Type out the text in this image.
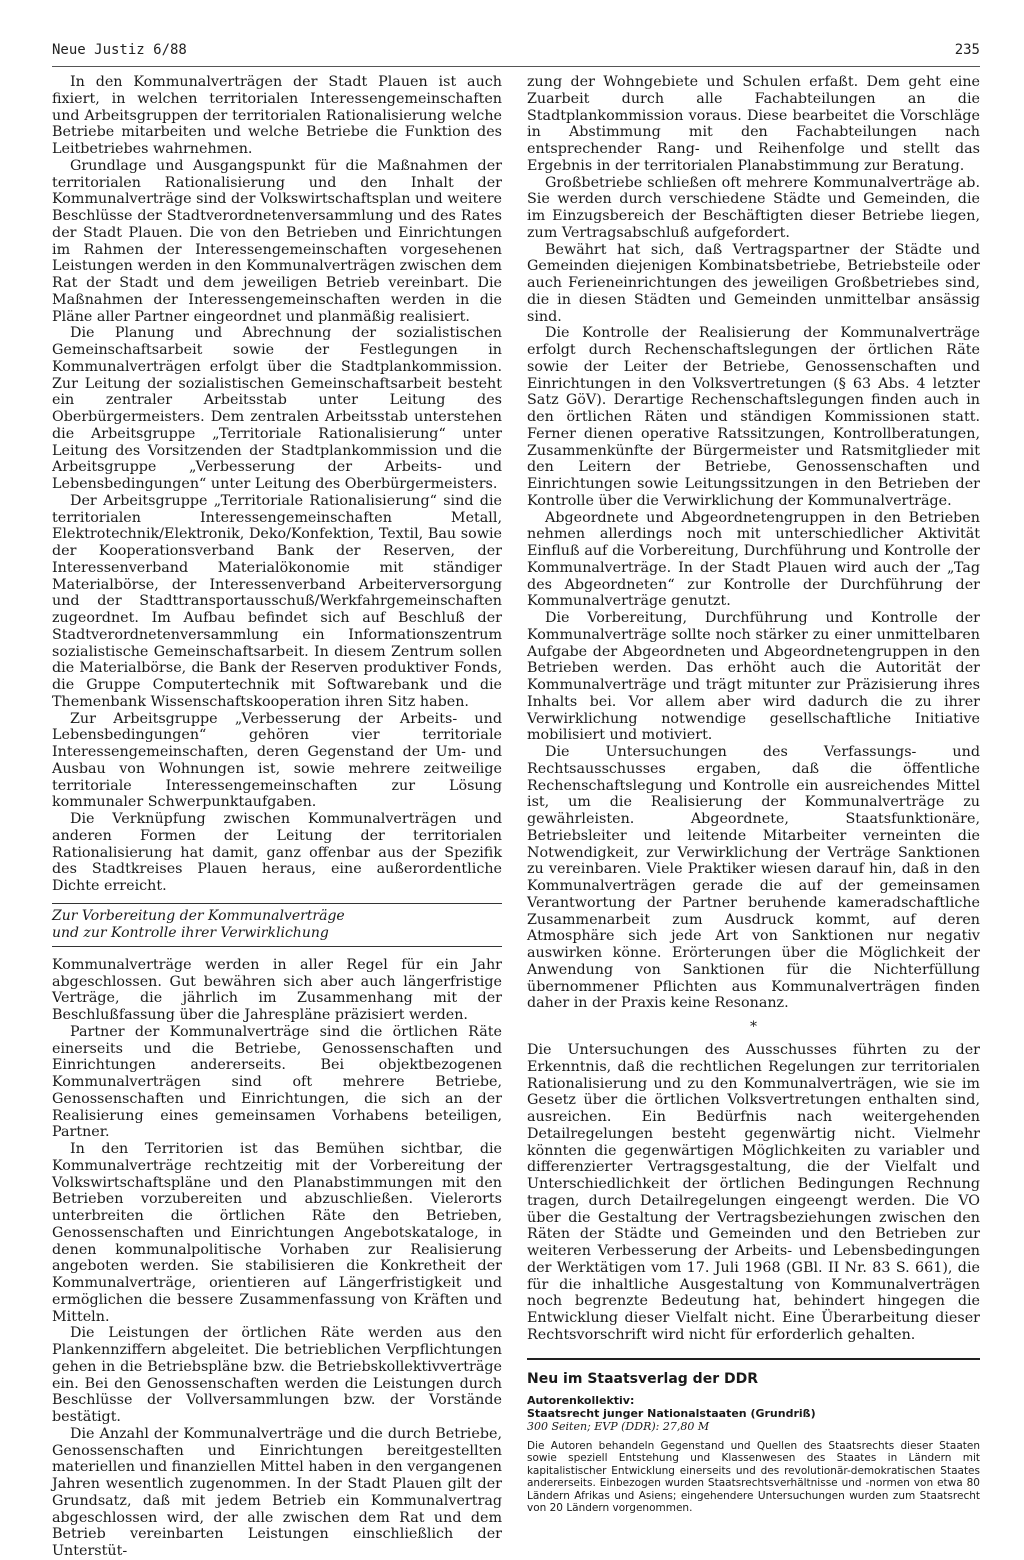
Neue Justiz 6/88	235

In den Kommunalverträgen der Stadt Plauen ist auch fixiert, in welchen territorialen Interessengemeinschaften und Arbeitsgruppen der territorialen Rationalisierung welche Betriebe mitarbeiten und welche Betriebe die Funktion des Leitbetriebes wahrnehmen.

Grundlage und Ausgangspunkt für die Maßnahmen der territorialen Rationalisierung und den Inhalt der Kommunalverträge sind der Volkswirtschaftsplan und weitere Beschlüsse der Stadtverordnetenversammlung und des Rates der Stadt Plauen. Die von den Betrieben und Einrichtungen im Rahmen der Interessengemeinschaften vorgesehenen Leistungen werden in den Kommunalverträgen zwischen dem Rat der Stadt und dem jeweiligen Betrieb vereinbart. Die Maßnahmen der Interessengemeinschaften werden in die Pläne aller Partner eingeordnet und planmäßig realisiert.

Die Planung und Abrechnung der sozialistischen Gemeinschaftsarbeit sowie der Festlegungen in Kommunalverträgen erfolgt über die Stadtplankommission. Zur Leitung der sozialistischen Gemeinschaftsarbeit besteht ein zentraler Arbeitsstab unter Leitung des Oberbürgermeisters. Dem zentralen Arbeitsstab unterstehen die Arbeitsgruppe „Territoriale Rationalisierung“ unter Leitung des Vorsitzenden der Stadtplankommission und die Arbeitsgruppe „Verbesserung der Arbeits- und Lebensbedingungen“ unter Leitung des Oberbürgermeisters.

Der Arbeitsgruppe „Territoriale Rationalisierung“ sind die territorialen Interessengemeinschaften Metall, Elektrotechnik/Elektronik, Deko/Konfektion, Textil, Bau sowie der Kooperationsverband Bank der Reserven, der Interessenverband Materialökonomie mit ständiger Materialbörse, der Interessenverband Arbeiterversorgung und der Stadttransportausschuß/Werkfahrgemeinschaften zugeordnet. Im Aufbau befindet sich auf Beschluß der Stadtverordnetenversammlung ein Informationszentrum sozialistische Gemeinschaftsarbeit. In diesem Zentrum sollen die Materialbörse, die Bank der Reserven produktiver Fonds, die Gruppe Computertechnik mit Softwarebank und die Themenbank Wissenschaftskooperation ihren Sitz haben.

Zur Arbeitsgruppe „Verbesserung der Arbeits- und Lebensbedingungen“ gehören vier territoriale Interessengemeinschaften, deren Gegenstand der Um- und Ausbau von Wohnungen ist, sowie mehrere zeitweilige territoriale Interessengemeinschaften zur Lösung kommunaler Schwerpunktaufgaben.

Die Verknüpfung zwischen Kommunalverträgen und anderen Formen der Leitung der territorialen Rationalisierung hat damit, ganz offenbar aus der Spezifik des Stadtkreises Plauen heraus, eine außerordentliche Dichte erreicht.

Zur Vorbereitung der Kommunalverträge
und zur Kontrolle ihrer Verwirklichung

Kommunalverträge werden in aller Regel für ein Jahr abgeschlossen. Gut bewähren sich aber auch längerfristige Verträge, die jährlich im Zusammenhang mit der Beschlußfassung über die Jahrespläne präzisiert werden.

Partner der Kommunalverträge sind die örtlichen Räte einerseits und die Betriebe, Genossenschaften und Einrichtungen andererseits. Bei objektbezogenen Kommunalverträgen sind oft mehrere Betriebe, Genossenschaften und Einrichtungen, die sich an der Realisierung eines gemeinsamen Vorhabens beteiligen, Partner.

In den Territorien ist das Bemühen sichtbar, die Kommunalverträge rechtzeitig mit der Vorbereitung der Volkswirtschaftspläne und den Planabstimmungen mit den Betrieben vorzubereiten und abzuschließen. Vielerorts unterbreiten die örtlichen Räte den Betrieben, Genossenschaften und Einrichtungen Angebotskataloge, in denen kommunalpolitische Vorhaben zur Realisierung angeboten werden. Sie stabilisieren die Konkretheit der Kommunalverträge, orientieren auf Längerfristigkeit und ermöglichen die bessere Zusammenfassung von Kräften und Mitteln.

Die Leistungen der örtlichen Räte werden aus den Plankennziffern abgeleitet. Die betrieblichen Verpflichtungen gehen in die Betriebspläne bzw. die Betriebskollektivverträge ein. Bei den Genossenschaften werden die Leistungen durch Beschlüsse der Vollversammlungen bzw. der Vorstände bestätigt.

Die Anzahl der Kommunalverträge und die durch Betriebe, Genossenschaften und Einrichtungen bereitgestellten materiellen und finanziellen Mittel haben in den vergangenen Jahren wesentlich zugenommen. In der Stadt Plauen gilt der Grundsatz, daß mit jedem Betrieb ein Kommunalvertrag abgeschlossen wird, der alle zwischen dem Rat und dem Betrieb vereinbarten Leistungen einschließlich der Unterstüt-

zung der Wohngebiete und Schulen erfaßt. Dem geht eine Zuarbeit durch alle Fachabteilungen an die Stadtplankommission voraus. Diese bearbeitet die Vorschläge in Abstimmung mit den Fachabteilungen nach entsprechender Rang- und Reihenfolge und stellt das Ergebnis in der territorialen Planabstimmung zur Beratung.

Großbetriebe schließen oft mehrere Kommunalverträge ab. Sie werden durch verschiedene Städte und Gemeinden, die im Einzugsbereich der Beschäftigten dieser Betriebe liegen, zum Vertragsabschluß aufgefordert.

Bewährt hat sich, daß Vertragspartner der Städte und Gemeinden diejenigen Kombinatsbetriebe, Betriebsteile oder auch Ferieneinrichtungen des jeweiligen Großbetriebes sind, die in diesen Städten und Gemeinden unmittelbar ansässig sind.

Die Kontrolle der Realisierung der Kommunalverträge erfolgt durch Rechenschaftslegungen der örtlichen Räte sowie der Leiter der Betriebe, Genossenschaften und Einrichtungen in den Volksvertretungen (§ 63 Abs. 4 letzter Satz GöV). Derartige Rechenschaftslegungen finden auch in den örtlichen Räten und ständigen Kommissionen statt. Ferner dienen operative Ratssitzungen, Kontrollberatungen, Zusammenkünfte der Bürgermeister und Ratsmitglieder mit den Leitern der Betriebe, Genossenschaften und Einrichtungen sowie Leitungssitzungen in den Betrieben der Kontrolle über die Verwirklichung der Kommunalverträge.

Abgeordnete und Abgeordnetengruppen in den Betrieben nehmen allerdings noch mit unterschiedlicher Aktivität Einfluß auf die Vorbereitung, Durchführung und Kontrolle der Kommunalverträge. In der Stadt Plauen wird auch der „Tag des Abgeordneten“ zur Kontrolle der Durchführung der Kommunalverträge genutzt.

Die Vorbereitung, Durchführung und Kontrolle der Kommunalverträge sollte noch stärker zu einer unmittelbaren Aufgabe der Abgeordneten und Abgeordnetengruppen in den Betrieben werden. Das erhöht auch die Autorität der Kommunalverträge und trägt mitunter zur Präzisierung ihres Inhalts bei. Vor allem aber wird dadurch die zu ihrer Verwirklichung notwendige gesellschaftliche Initiative mobilisiert und motiviert.

Die Untersuchungen des Verfassungs- und Rechtsausschusses ergaben, daß die öffentliche Rechenschaftslegung und Kontrolle ein ausreichendes Mittel ist, um die Realisierung der Kommunalverträge zu gewährleisten. Abgeordnete, Staatsfunktionäre, Betriebsleiter und leitende Mitarbeiter verneinten die Notwendigkeit, zur Verwirklichung der Verträge Sanktionen zu vereinbaren. Viele Praktiker wiesen darauf hin, daß in den Kommunalverträgen gerade die auf der gemeinsamen Verantwortung der Partner beruhende kameradschaftliche Zusammenarbeit zum Ausdruck kommt, auf deren Atmosphäre sich jede Art von Sanktionen nur negativ auswirken könne. Erörterungen über die Möglichkeit der Anwendung von Sanktionen für die Nichterfüllung übernommener Pflichten aus Kommunalverträgen finden daher in der Praxis keine Resonanz.

*

Die Untersuchungen des Ausschusses führten zu der Erkenntnis, daß die rechtlichen Regelungen zur territorialen Rationalisierung und zu den Kommunalverträgen, wie sie im Gesetz über die örtlichen Volksvertretungen enthalten sind, ausreichen. Ein Bedürfnis nach weitergehenden Detailregelungen besteht gegenwärtig nicht. Vielmehr könnten die gegenwärtigen Möglichkeiten zu variabler und differenzierter Vertragsgestaltung, die der Vielfalt und Unterschiedlichkeit der örtlichen Bedingungen Rechnung tragen, durch Detailregelungen eingeengt werden. Die VO über die Gestaltung der Vertragsbeziehungen zwischen den Räten der Städte und Gemeinden und den Betrieben zur weiteren Verbesserung der Arbeits- und Lebensbedingungen der Werktätigen vom 17. Juli 1968 (GBl. II Nr. 83 S. 661), die für die inhaltliche Ausgestaltung von Kommunalverträgen noch begrenzte Bedeutung hat, behindert hingegen die Entwicklung dieser Vielfalt nicht. Eine Überarbeitung dieser Rechtsvorschrift wird nicht für erforderlich gehalten.

Neu im Staatsverlag der DDR
Autorenkollektiv:
Staatsrecht junger Nationalstaaten (Grundriß)
300 Seiten; EVP (DDR): 27,80 M
Die Autoren behandeln Gegenstand und Quellen des Staatsrechts dieser Staaten sowie speziell Entstehung und Klassenwesen des Staates in Ländern mit kapitalistischer Entwicklung einerseits und des revolutionär-demokratischen Staates andererseits. Einbezogen wurden Staatsrechtsverhältnisse und -normen von etwa 80 Ländern Afrikas und Asiens; eingehendere Untersuchungen wurden zum Staatsrecht von 20 Ländern vorgenommen.
